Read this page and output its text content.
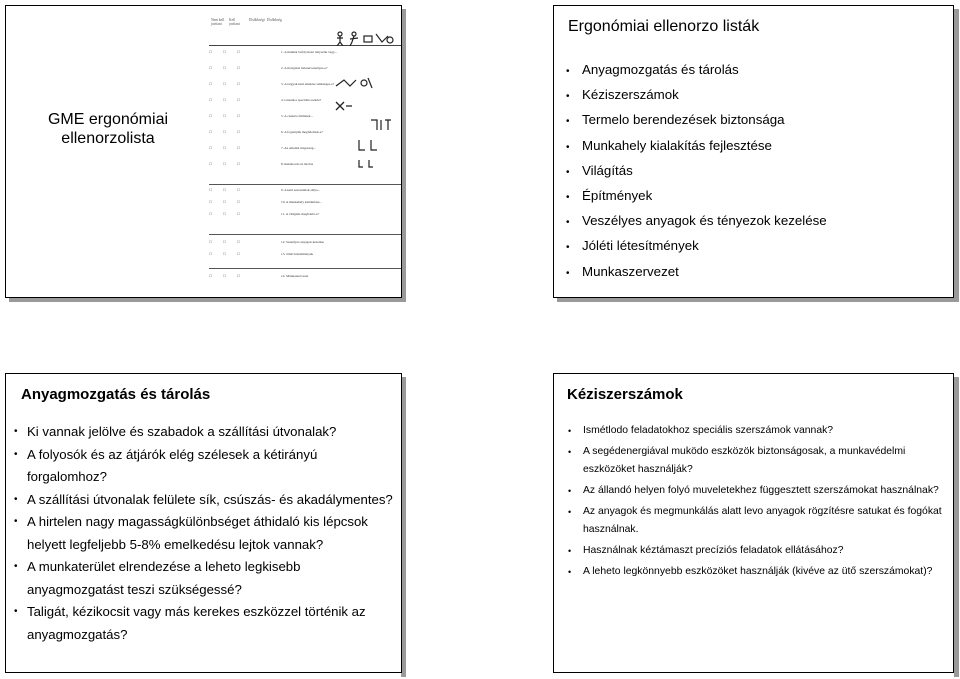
GME ergonómiai ellenorzolista
Nem kell javítani
Kell javítani
Elsőbbségi Elsőbbség
☐ ☐ ☐	1. A munkát befolyásoló tényezők vagy...
☐ ☐ ☐	2. A mozgatás balesetveszélyes-e?
☐ ☐ ☐	3. A tárgyak kézi emelése szükséges-e?
☐ ☐ ☐	4. Létezik-e speciális eszköz?
☐ ☐ ☐	5. A csúszós felületek...
☐ ☐ ☐	6. A fogantyúk megfelelőek-e?
☐ ☐ ☐	7. Az emelési magasság...
☐ ☐ ☐	8. Raktározás és tárolás
☐ ☐ ☐	9. A kézi szerszámok súlya...
☐ ☐ ☐	10. A munkahely kialakítása...
☐ ☐ ☐	11. A világítás megfelelő-e?
☐ ☐ ☐	12. Veszélyes anyagok kezelése
☐ ☐ ☐	13. Jóléti létesítmények
☐ ☐ ☐	14. Munkaszervezet
Ergonómiai ellenorzo listák
• Anyagmozgatás és tárolás
• Kéziszerszámok
• Termelo berendezések biztonsága
• Munkahely kialakítás fejlesztése
• Világítás
• Építmények
• Veszélyes anyagok és tényezok kezelése
• Jóléti létesítmények
• Munkaszervezet
Anyagmozgatás és tárolás
• Ki vannak jelölve és szabadok a szállítási útvonalak?
• A folyosók és az átjárók elég szélesek a kétirányú forgalomhoz?
• A szállítási útvonalak felülete sík, csúszás- és akadálymentes?
• A hirtelen nagy magasságkülönbséget áthidaló kis lépcsok helyett legfeljebb 5-8% emelkedésu lejtok vannak?
• A munkaterület elrendezése a leheto legkisebb anyagmozgatást teszi szükségessé?
• Taligát, kézikocsit vagy más kerekes eszközzel történik az anyagmozgatás?
Kéziszerszámok
• Ismétlodo feladatokhoz speciális szerszámok vannak?
• A segédenergiával muködo eszközök biztonságosak, a munkavédelmi eszközöket használják?
• Az állandó helyen folyó muveletekhez függesztett szerszámokat használnak?
• Az anyagok és megmunkálás alatt levo anyagok rögzítésre satukat és fogókat használnak.
• Használnak kéztámaszt precíziós feladatok ellátásához?
• A leheto legkönnyebb eszközöket használják (kivéve az ütő szerszámokat)?
